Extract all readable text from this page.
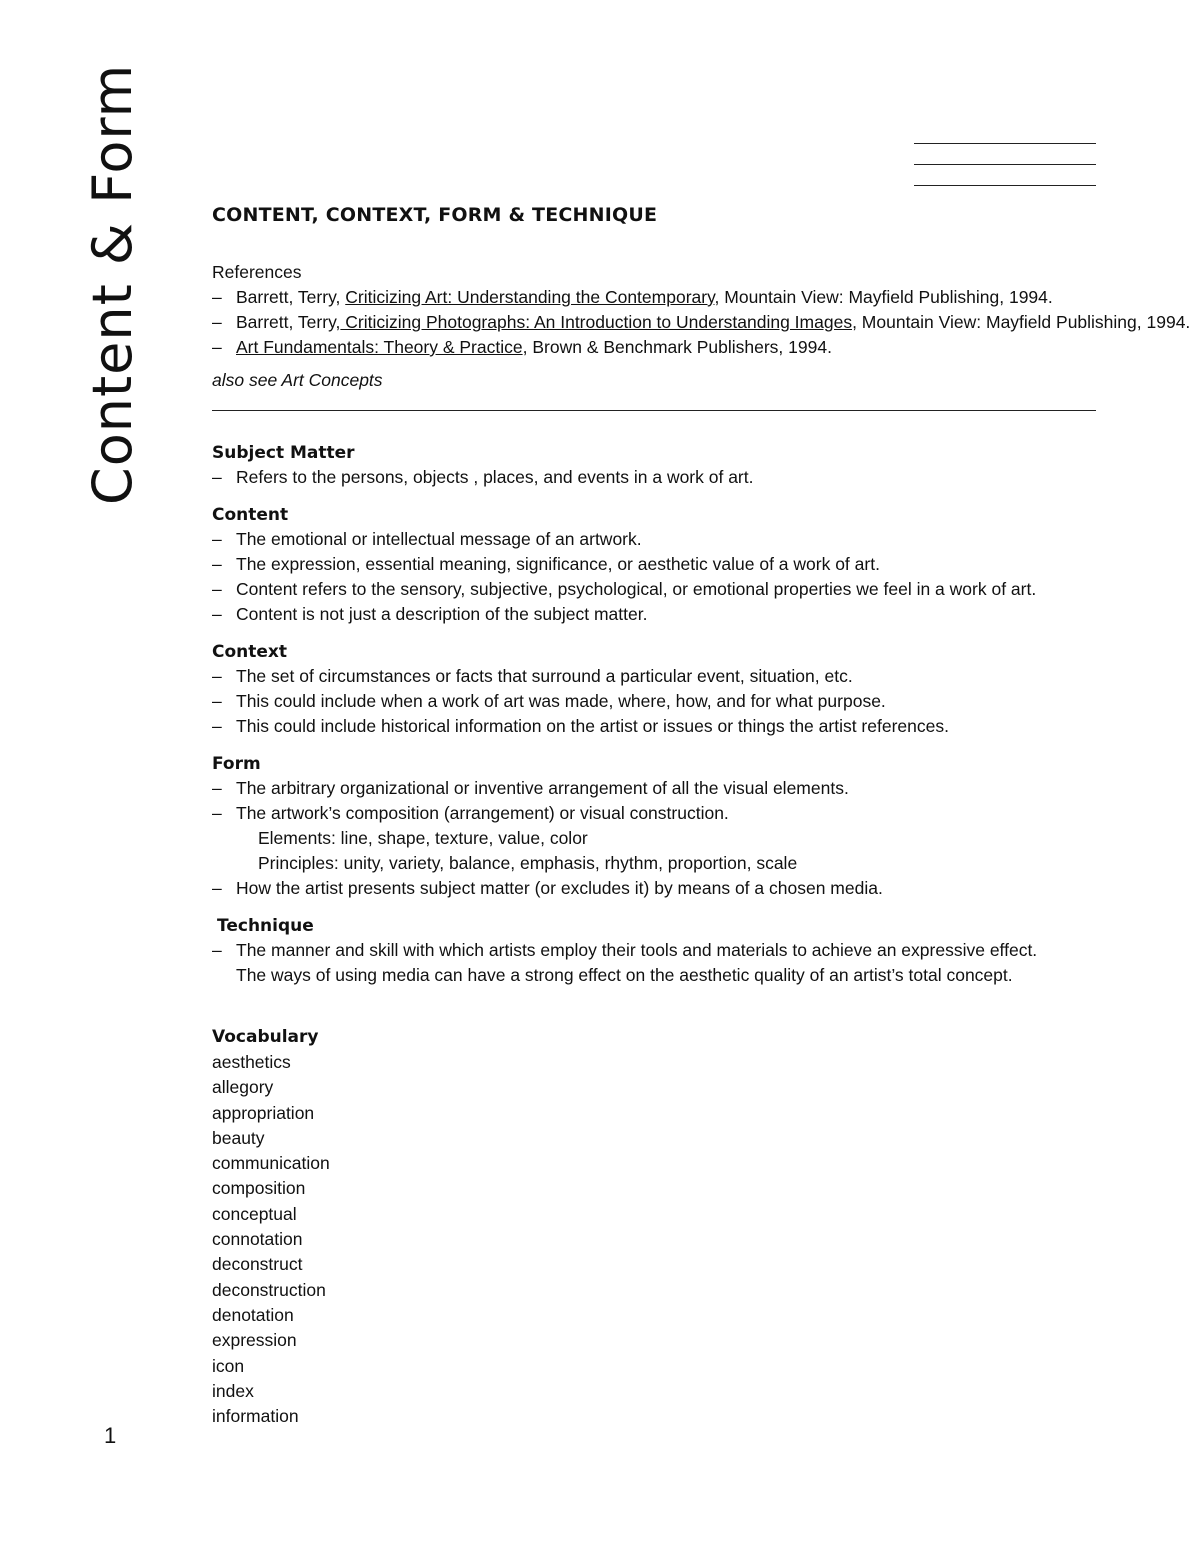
Content & Form
1
CONTENT, CONTEXT, FORM & TECHNIQUE
References
– Barrett, Terry, Criticizing Art: Understanding the Contemporary, Mountain View: Mayfield Publishing, 1994.
– Barrett, Terry, Criticizing Photographs: An Introduction to Understanding Images, Mountain View: Mayfield Publishing, 1994.
– Art Fundamentals: Theory & Practice, Brown & Benchmark Publishers, 1994.
also see Art Concepts
Subject Matter
– Refers to the persons, objects , places, and events in a work of art.
Content
– The emotional or intellectual message of an artwork.
– The expression, essential meaning, significance, or aesthetic value of a work of art.
– Content refers to the sensory, subjective, psychological, or emotional properties we feel in a work of art.
– Content is not just a description of the subject matter.
Context
– The set of circumstances or facts that surround a particular event, situation, etc.
– This could include when a work of art was made, where, how, and for what purpose.
– This could include historical information on the artist or issues or things the artist references.
Form
– The arbitrary organizational or inventive arrangement of all the visual elements.
– The artwork’s composition (arrangement) or visual construction.
Elements: line, shape, texture, value, color
Principles: unity, variety, balance, emphasis, rhythm, proportion, scale
– How the artist presents subject matter (or excludes it) by means of a chosen media.
Technique
– The manner and skill with which artists employ their tools and materials to achieve an expressive effect.
The ways of using media can have a strong effect on the aesthetic quality of an artist’s total concept.
Vocabulary
aesthetics
allegory
appropriation
beauty
communication
composition
conceptual
connotation
deconstruct
deconstruction
denotation
expression
icon
index
information
